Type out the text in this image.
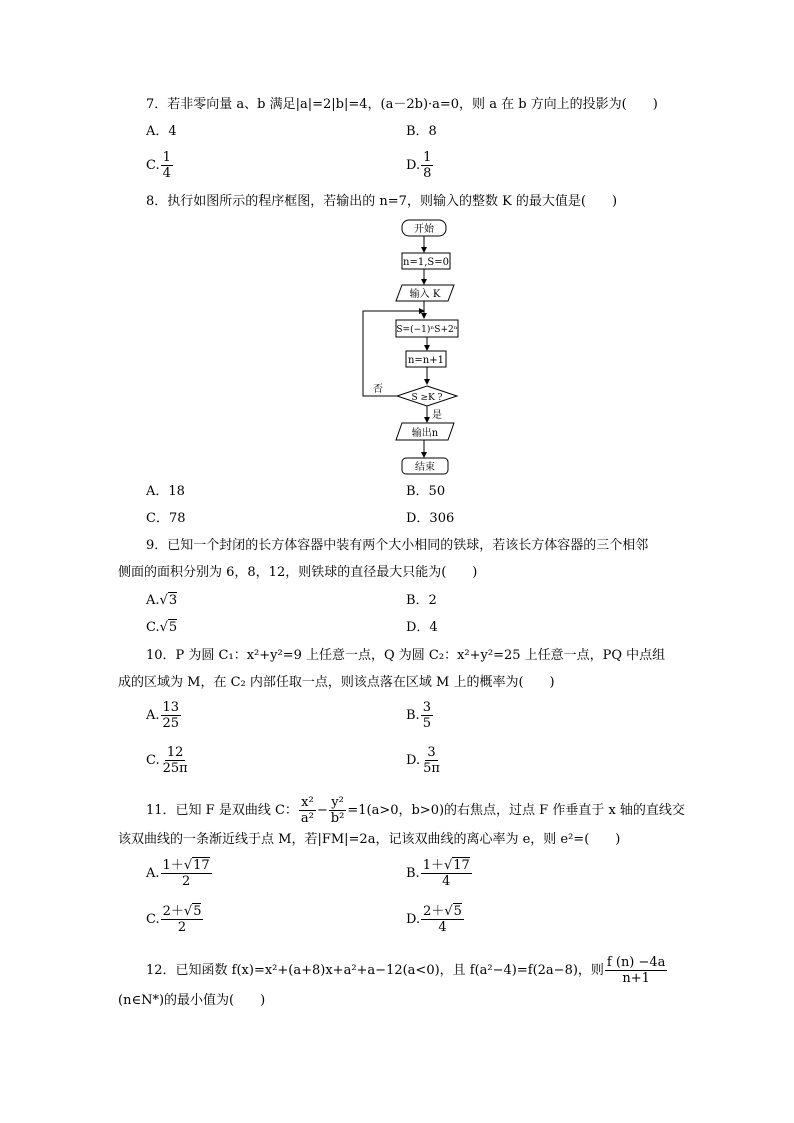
7．若非零向量 a、b 满足|a|=2|b|=4，(a－2b)·a=0，则 a 在 b 方向上的投影为(　　)
A．4	B．8
C. $\frac{1}{4}$	D. $\frac{1}{8}$
8．执行如图所示的程序框图，若输出的 n=7，则输入的整数 K 的最大值是(　　)
开始
n=1,S=0
输入 K
S=(−1)ⁿS+2ⁿ
n=n+1
S ≥K ?
否
是
输出n
结束
A．18	B．50
C．78	D．306
9．已知一个封闭的长方体容器中装有两个大小相同的铁球，若该长方体容器的三个相邻
侧面的面积分别为 6，8，12，则铁球的直径最大只能为(　　)
A.√3	B．2
C.√5	D．4
10．P 为圆 C₁：x²+y²=9 上任意一点，Q 为圆 C₂：x²+y²=25 上任意一点，PQ 中点组
成的区域为 M，在 C₂ 内部任取一点，则该点落在区域 M 上的概率为(　　)
A. $\frac{13}{25}$	B. $\frac{3}{5}$
C. $\frac{12}{25\pi}$	D. $\frac{3}{5\pi}$
11．已知 F 是双曲线 C： $\frac{\text{x²}}{\text{a²}} - \frac{\text{y²}}{\text{b²}} =1(a>0$，b>0)的右焦点，过点 F 作垂直于 x 轴的直线交
该双曲线的一条渐近线于点 M，若|FM|=2a，记该双曲线的离心率为 e，则 e²=(　　)
A. $\frac{1+√17}{2}$	B. $\frac{1+√17}{4}$
C. $\frac{2+√5}{2}$	D. $\frac{2+√5}{4}$
12．已知函数 f(x)=x²+(a+8)x+a²+a−12(a<0)，且 f(a²−4)=f(2a−8)，则 $\frac{f (n) -4a}{n+1}$
(n∈N*)的最小值为(　　)
